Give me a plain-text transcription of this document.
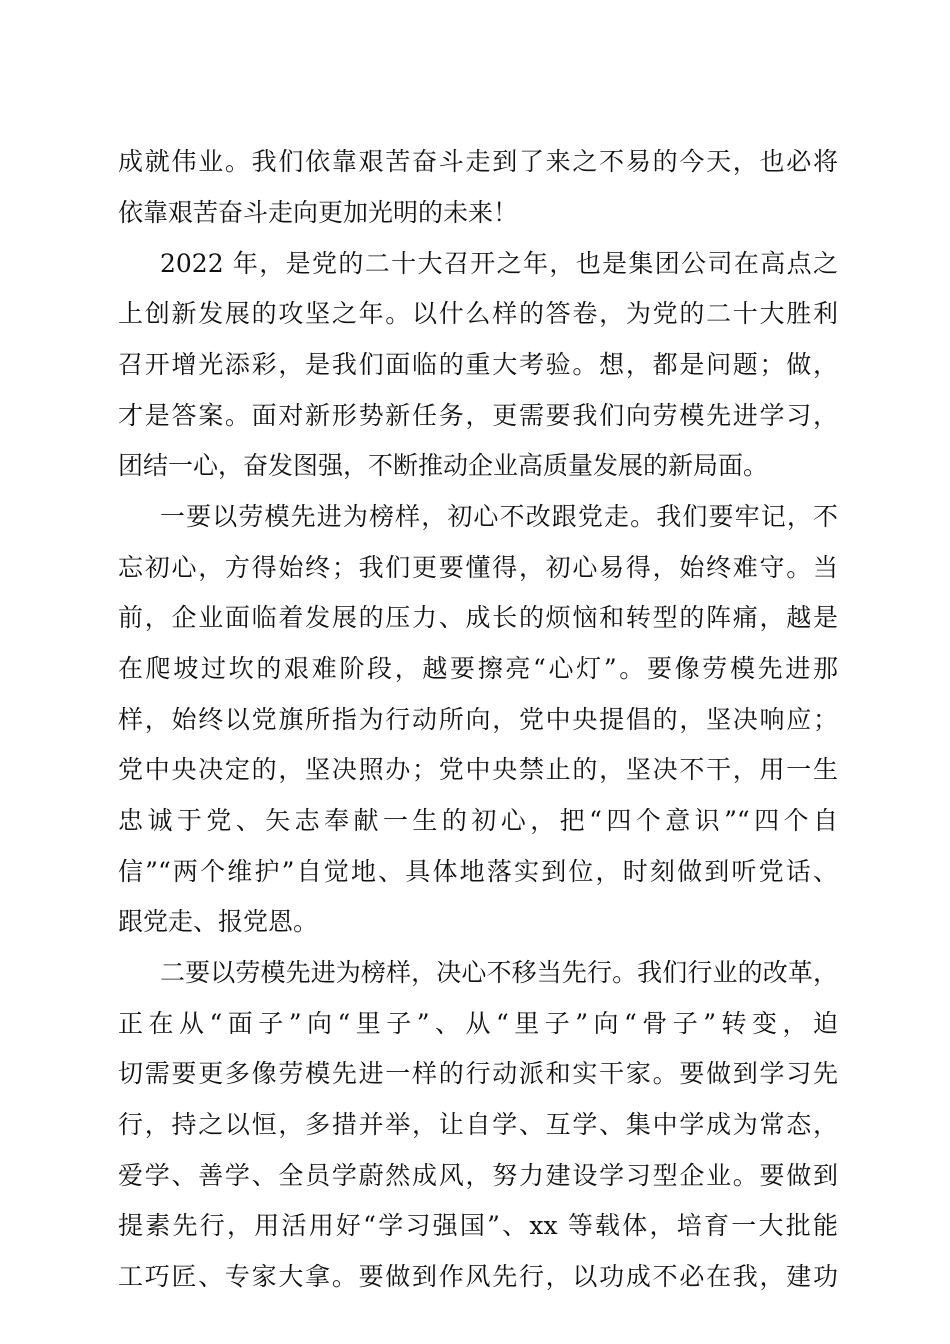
成就伟业。我们依靠艰苦奋斗走到了来之不易的今天，也必将
依靠艰苦奋斗走向更加光明的未来！
2022 年，是党的二十大召开之年，也是集团公司在高点之
上创新发展的攻坚之年。以什么样的答卷，为党的二十大胜利
召开增光添彩，是我们面临的重大考验。想，都是问题；做，
才是答案。面对新形势新任务，更需要我们向劳模先进学习，
团结一心，奋发图强，不断推动企业高质量发展的新局面。
一要以劳模先进为榜样，初心不改跟党走。我们要牢记，不
忘初心，方得始终；我们更要懂得，初心易得，始终难守。当
前，企业面临着发展的压力、成长的烦恼和转型的阵痛，越是
在爬坡过坎的艰难阶段，越要擦亮“心灯”。要像劳模先进那
样，始终以党旗所指为行动所向，党中央提倡的，坚决响应；
党中央决定的，坚决照办；党中央禁止的，坚决不干，用一生
忠诚于党、矢志奉献一生的初心，把“四个意识”“四个自
信”“两个维护”自觉地、具体地落实到位，时刻做到听党话、
跟党走、报党恩。
二要以劳模先进为榜样，决心不移当先行。我们行业的改革，
正在从“面子”向“里子”、从“里子”向“骨子”转变，迫
切需要更多像劳模先进一样的行动派和实干家。要做到学习先
行，持之以恒，多措并举，让自学、互学、集中学成为常态，
爱学、善学、全员学蔚然成风，努力建设学习型企业。要做到
提素先行，用活用好“学习强国”、xx 等载体，培育一大批能
工巧匠、专家大拿。要做到作风先行，以功成不必在我，建功
